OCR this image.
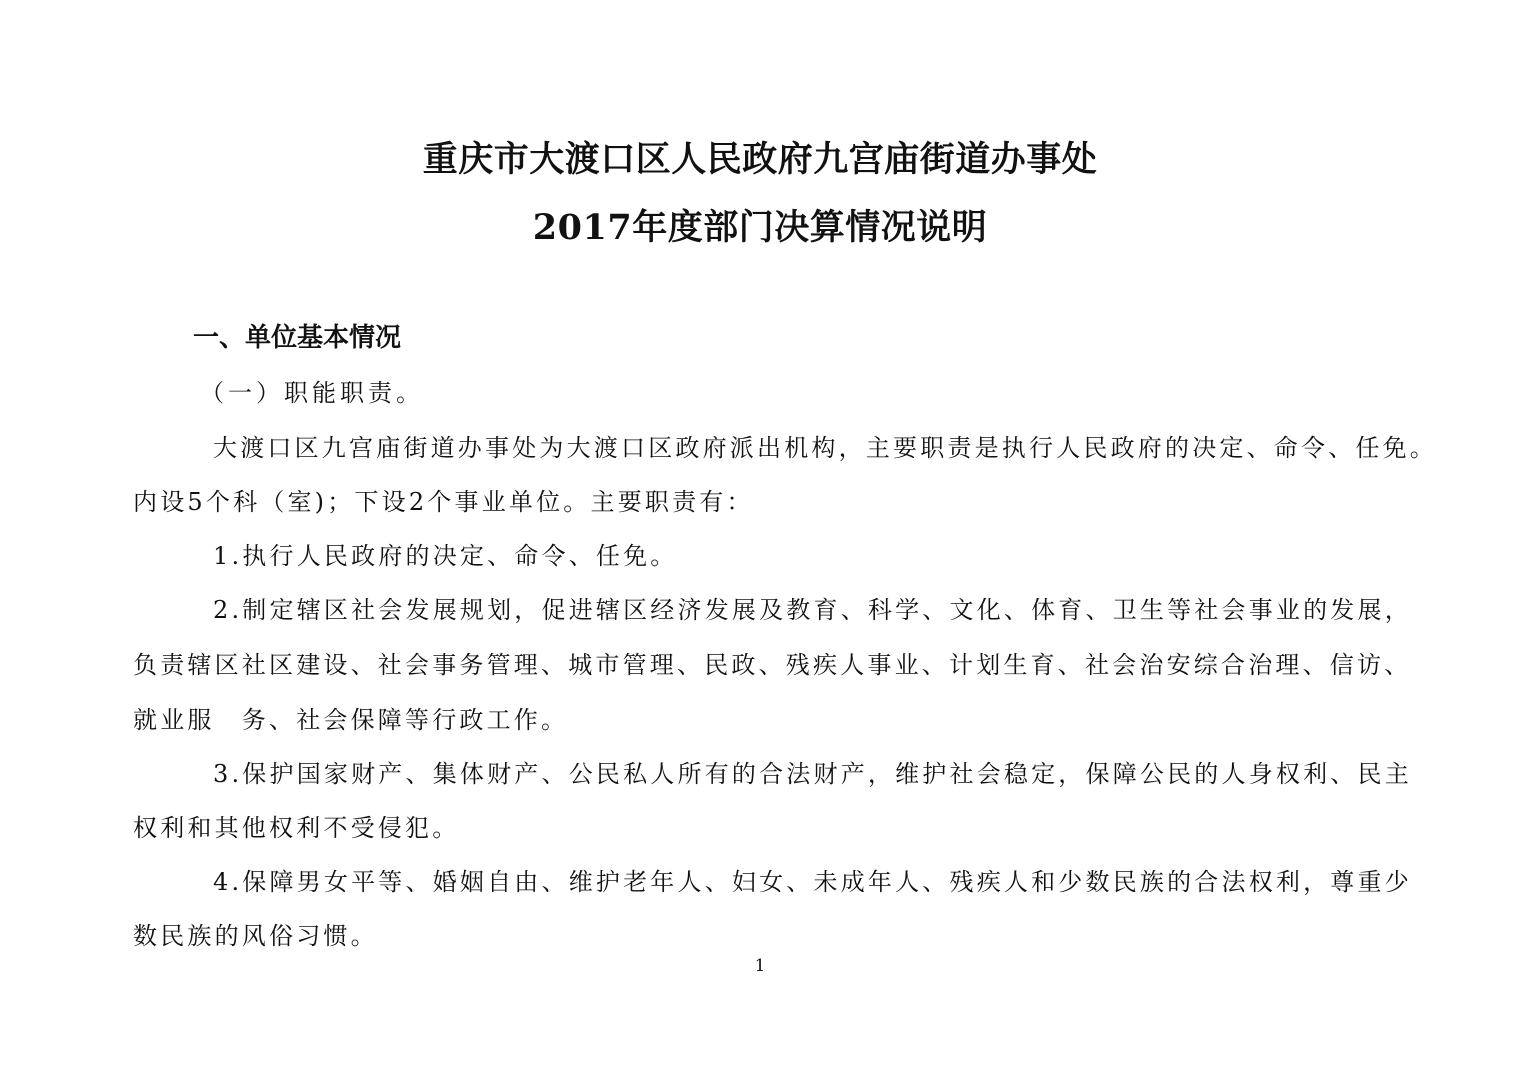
重庆市大渡口区人民政府九宫庙街道办事处
2017年度部门决算情况说明
一、单位基本情况
（一）职能职责。
大渡口区九宫庙街道办事处为大渡口区政府派出机构，主要职责是执行人民政府的决定、命令、任免。
内设5个科（室)；下设2个事业单位。主要职责有：
1.执行人民政府的决定、命令、任免。
2.制定辖区社会发展规划，促进辖区经济发展及教育、科学、文化、体育、卫生等社会事业的发展，
负责辖区社区建设、社会事务管理、城市管理、民政、残疾人事业、计划生育、社会治安综合治理、信访、
就业服　务、社会保障等行政工作。
3.保护国家财产、集体财产、公民私人所有的合法财产，维护社会稳定，保障公民的人身权利、民主
权利和其他权利不受侵犯。
4.保障男女平等、婚姻自由、维护老年人、妇女、未成年人、残疾人和少数民族的合法权利，尊重少
数民族的风俗习惯。
1
